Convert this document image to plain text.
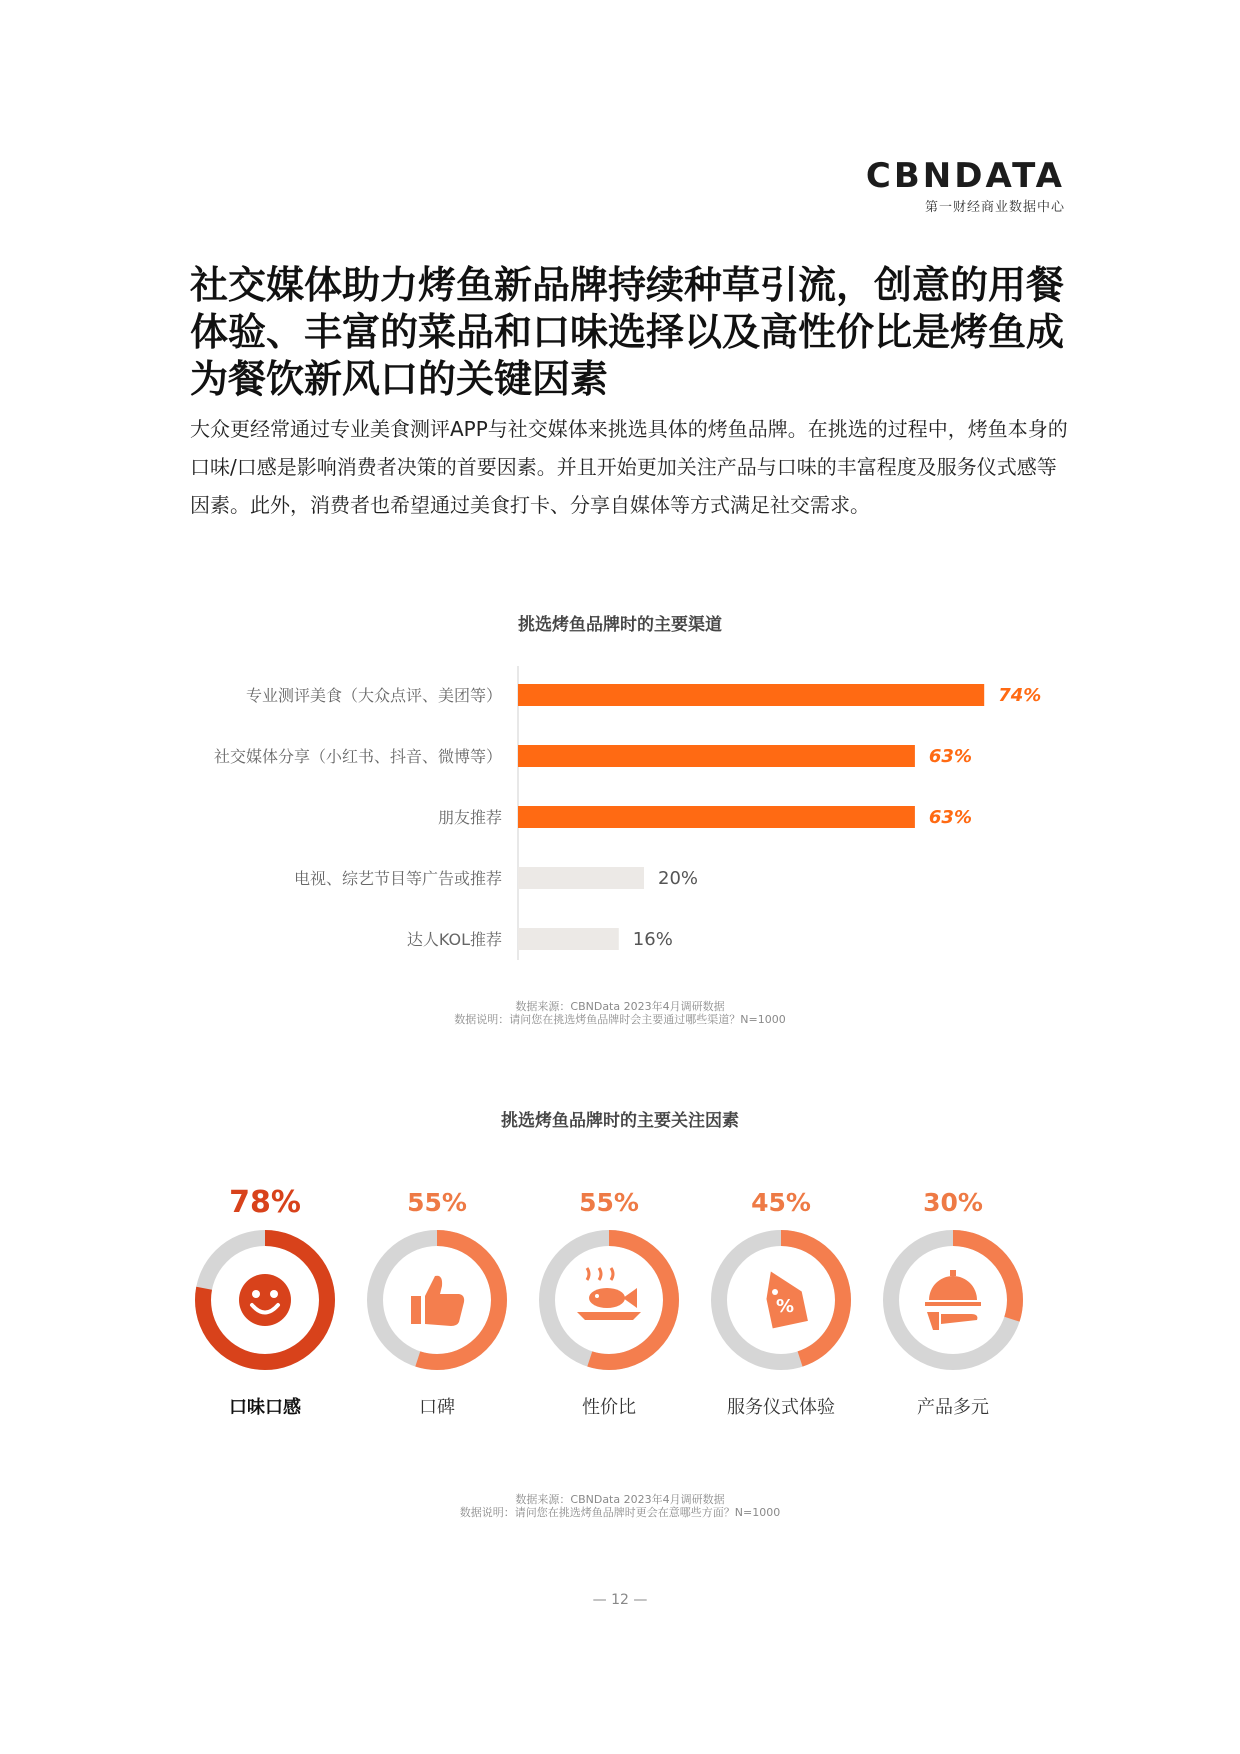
CBNDATA
第一财经商业数据中心
社交媒体助力烤鱼新品牌持续种草引流，创意的用餐体验、丰富的菜品和口味选择以及高性价比是烤鱼成为餐饮新风口的关键因素

大众更经常通过专业美食测评APP与社交媒体来挑选具体的烤鱼品牌。在挑选的过程中，烤鱼本身的口味/口感是影响消费者决策的首要因素。并且开始更加关注产品与口味的丰富程度及服务仪式感等因素。此外，消费者也希望通过美食打卡、分享自媒体等方式满足社交需求。

挑选烤鱼品牌时的主要渠道
专业测评美食（大众点评、美团等）	74%
社交媒体分享（小红书、抖音、微博等）	63%
朋友推荐	63%
电视、综艺节目等广告或推荐	20%
达人KOL推荐	16%
数据来源：CBNData 2023年4月调研数据
数据说明：请问您在挑选烤鱼品牌时会主要通过哪些渠道？N=1000
挑选烤鱼品牌时的主要关注因素
78%
口味口感
55%
口碑
55%
性价比
45%
%
服务仪式体验
30%
产品多元
数据来源：CBNData 2023年4月调研数据
数据说明：请问您在挑选烤鱼品牌时更会在意哪些方面？N=1000
— 12 —
